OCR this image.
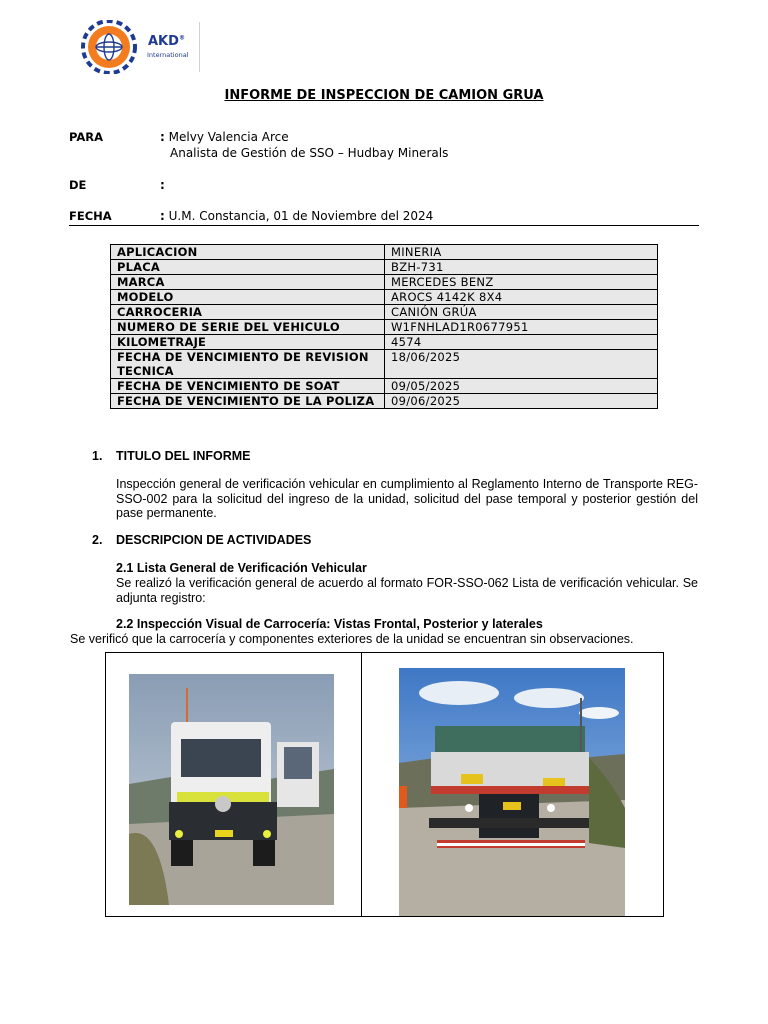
AKD®
International
INFORME DE INSPECCION DE CAMION GRUA
PARA	: Melvy Valencia Arce
Analista de Gestión de SSO – Hudbay Minerals
DE	:
FECHA	: U.M. Constancia, 01 de Noviembre del 2024
APLICACION	MINERIA
PLACA	BZH-731
MARCA	MERCEDES BENZ
MODELO	AROCS 4142K 8X4
CARROCERIA	CANIÓN GRÚA
NUMERO DE SERIE DEL VEHICULO	W1FNHLAD1R0677951
KILOMETRAJE	4574
FECHA DE VENCIMIENTO DE REVISION TECNICA	18/06/2025
FECHA DE VENCIMIENTO DE SOAT	09/05/2025
FECHA DE VENCIMIENTO DE LA POLIZA	09/06/2025
1. TITULO DEL INFORME
Inspección general de verificación vehicular en cumplimiento al Reglamento Interno de Transporte REG-SSO-002 para la solicitud del ingreso de la unidad, solicitud del pase temporal y posterior gestión del pase permanente.
2. DESCRIPCION DE ACTIVIDADES
2.1 Lista General de Verificación Vehicular
Se realizó la verificación general de acuerdo al formato FOR-SSO-062 Lista de verificación vehicular. Se adjunta registro:
2.2 Inspección Visual de Carrocería: Vistas Frontal, Posterior y laterales
Se verificó que la carrocería y componentes exteriores de la unidad se encuentran sin observaciones.
